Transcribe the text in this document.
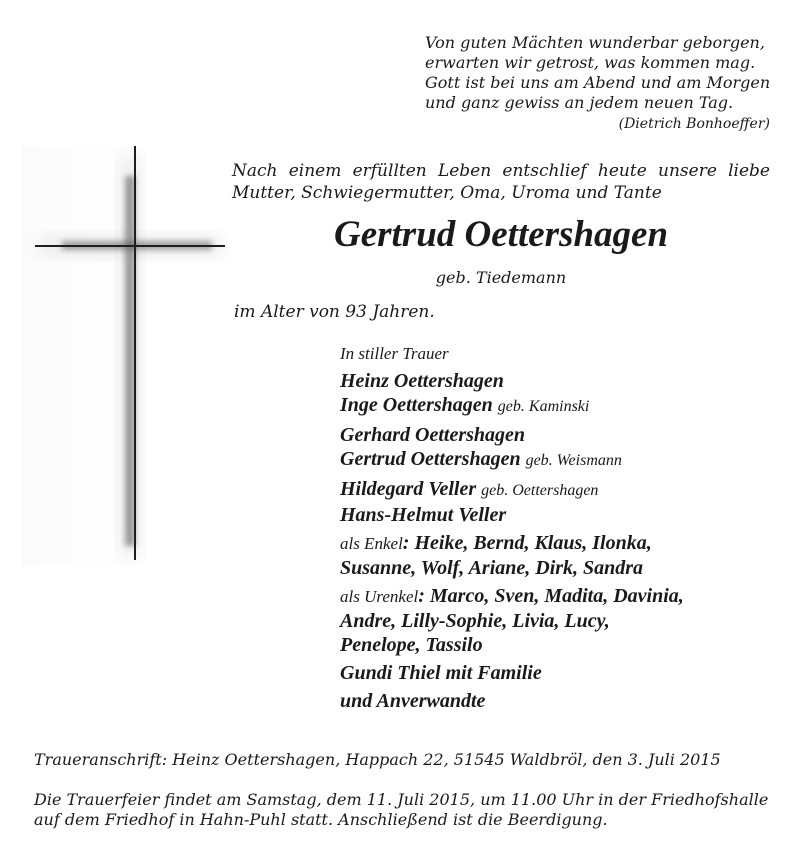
Von guten Mächten wunderbar geborgen,
erwarten wir getrost, was kommen mag.
Gott ist bei uns am Abend und am Morgen
und ganz gewiss an jedem neuen Tag.
(Dietrich Bonhoeffer)
Nach einem erfüllten Leben entschlief heute unsere liebe Mutter, Schwiegermutter, Oma, Uroma und Tante
Gertrud Oettershagen
geb. Tiedemann
im Alter von 93 Jahren.
In stiller Trauer
Heinz Oettershagen
Inge Oettershagen geb. Kaminski
Gerhard Oettershagen
Gertrud Oettershagen geb. Weismann
Hildegard Veller geb. Oettershagen
Hans-Helmut Veller
als Enkel: Heike, Bernd, Klaus, Ilonka,
Susanne, Wolf, Ariane, Dirk, Sandra
als Urenkel: Marco, Sven, Madita, Davinia,
Andre, Lilly-Sophie, Livia, Lucy,
Penelope, Tassilo
Gundi Thiel mit Familie
und Anverwandte
Traueranschrift: Heinz Oettershagen, Happach 22, 51545 Waldbröl, den 3. Juli 2015
Die Trauerfeier findet am Samstag, dem 11. Juli 2015, um 11.00 Uhr in der Friedhofshalle
auf dem Friedhof in Hahn-Puhl statt. Anschließend ist die Beerdigung.
